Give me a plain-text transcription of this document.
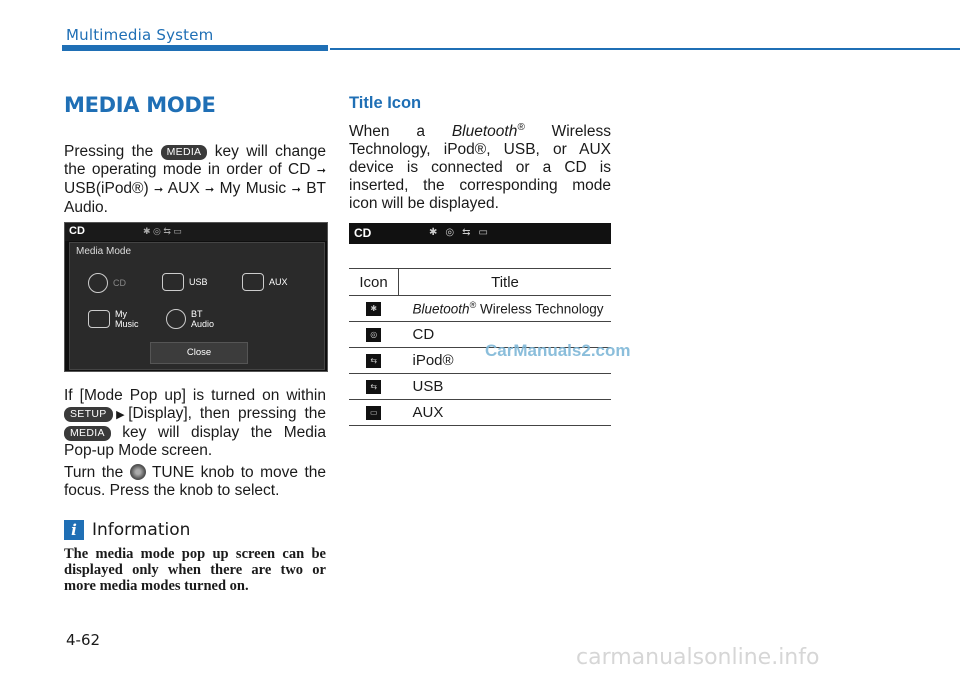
Multimedia System
MEDIA MODE
Pressing the MEDIA key will change the operating mode in order of CD ➞ USB(iPod®) ➞ AUX ➞ My Music ➞ BT Audio.
CD	✱ ◎ ⇆ ▭
Media Mode
CD	USB	AUX
My
Music
BT
Audio
Close
If [Mode Pop up] is turned on within SETUP ▶[Display], then pressing the MEDIA key will display the Media Pop-up Mode screen.
Turn the TUNE knob to move the focus. Press the knob to select.
i Information
The media mode pop up screen can be displayed only when there are two or more media modes turned on.
Title Icon
When a Bluetooth® Wireless Technology, iPod®, USB, or AUX device is connected or a CD is inserted, the corresponding mode icon will be displayed.
CD	✱ ◎ ⇆ ▭
Icon	Title
✱	Bluetooth® Wireless Technology
◎	CD
⇆	iPod®
⇆	USB
▭	AUX
CarManuals2.com
4-62
carmanualsonline.info
